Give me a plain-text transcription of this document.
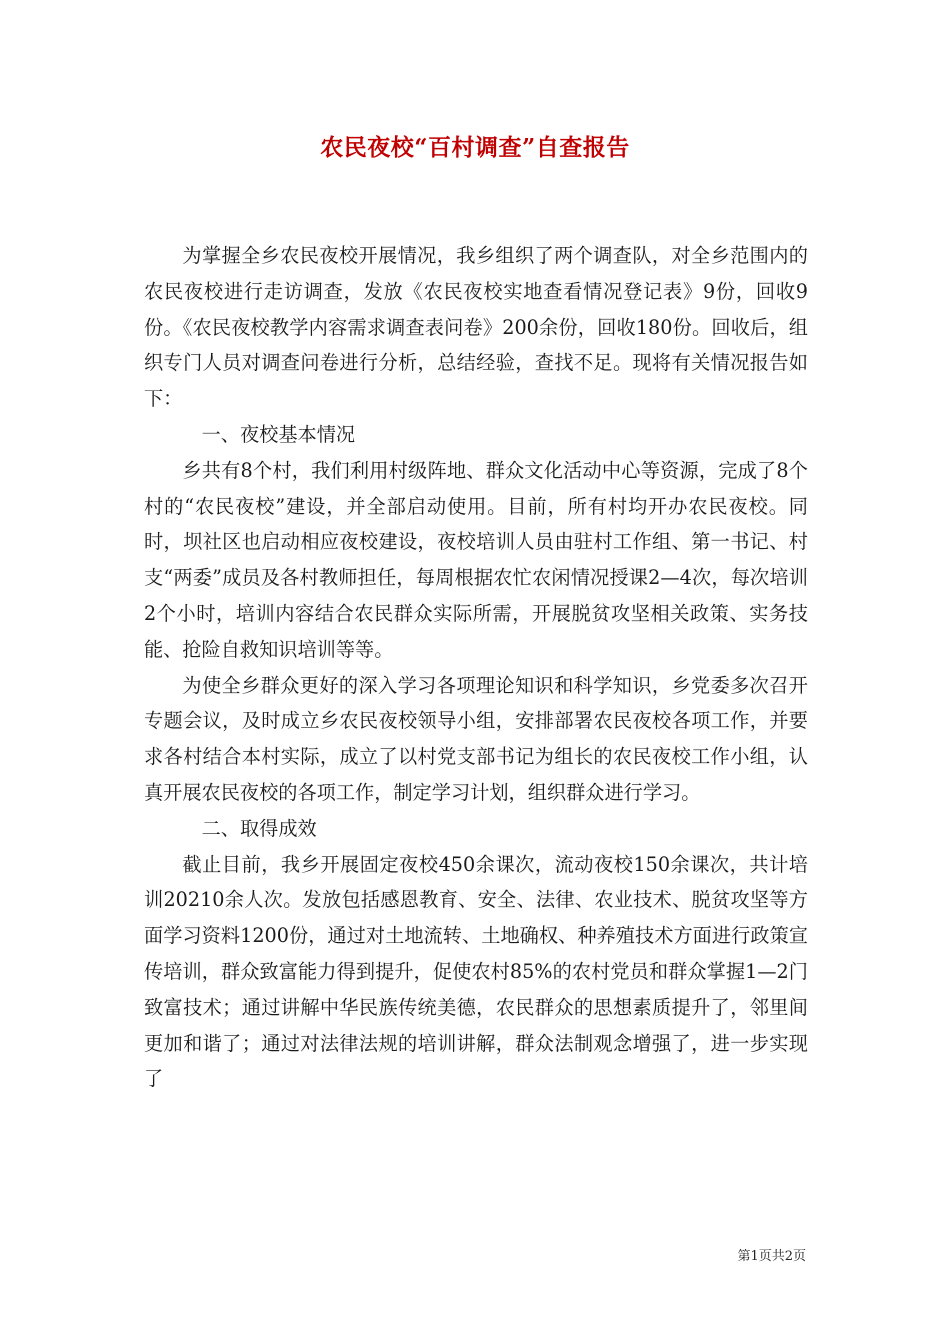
农民夜校“百村调查”自查报告

为掌握全乡农民夜校开展情况，我乡组织了两个调查队，对全乡范围内的农民夜校进行走访调查，发放《农民夜校实地查看情况登记表》9份，回收9份。《农民夜校教学内容需求调查表问卷》200余份，回收180份。回收后，组织专门人员对调查问卷进行分析，总结经验，查找不足。现将有关情况报告如下：

一、夜校基本情况

乡共有8个村，我们利用村级阵地、群众文化活动中心等资源，完成了8个村的“农民夜校”建设，并全部启动使用。目前，所有村均开办农民夜校。同时，坝社区也启动相应夜校建设，夜校培训人员由驻村工作组、第一书记、村支“两委”成员及各村教师担任，每周根据农忙农闲情况授课2—4次，每次培训2个小时，培训内容结合农民群众实际所需，开展脱贫攻坚相关政策、实务技能、抢险自救知识培训等等。

为使全乡群众更好的深入学习各项理论知识和科学知识，乡党委多次召开专题会议，及时成立乡农民夜校领导小组，安排部署农民夜校各项工作，并要求各村结合本村实际，成立了以村党支部书记为组长的农民夜校工作小组，认真开展农民夜校的各项工作，制定学习计划，组织群众进行学习。

二、取得成效

截止目前，我乡开展固定夜校450余课次，流动夜校150余课次，共计培训20210余人次。发放包括感恩教育、安全、法律、农业技术、脱贫攻坚等方面学习资料1200份，通过对土地流转、土地确权、种养殖技术方面进行政策宣传培训，群众致富能力得到提升，促使农村85%的农村党员和群众掌握1—2门致富技术；通过讲解中华民族传统美德，农民群众的思想素质提升了，邻里间更加和谐了；通过对法律法规的培训讲解，群众法制观念增强了，进一步实现了

第1页共2页
